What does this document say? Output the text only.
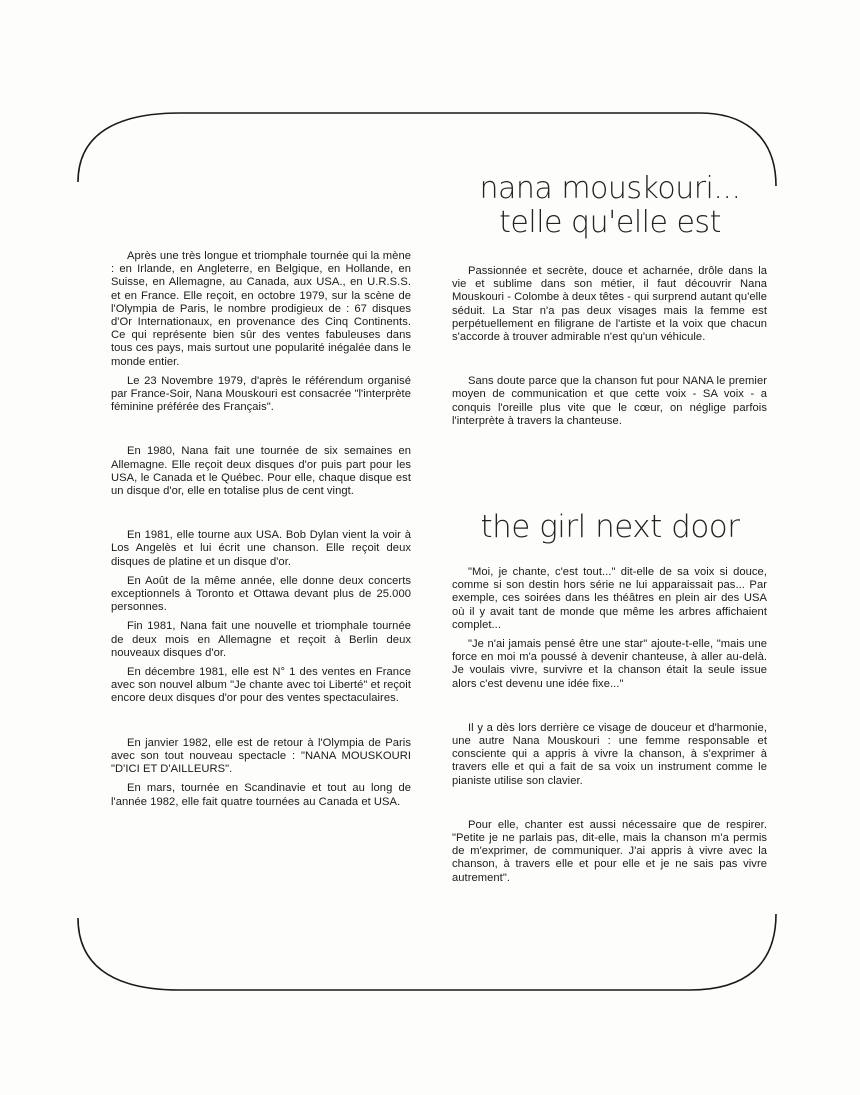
nana mouskouri...
telle qu'elle est

Après une très longue et triomphale tournée qui la mène : en Irlande, en Angleterre, en Belgique, en Hollande, en Suisse, en Allemagne, au Canada, aux USA., en U.R.S.S. et en France. Elle reçoit, en octobre 1979, sur la scène de l'Olympia de Paris, le nombre prodigieux de : 67 disques d'Or Internationaux, en provenance des Cinq Continents. Ce qui représente bien sûr des ventes fabuleuses dans tous ces pays, mais surtout une popularité inégalée dans le monde entier.

Le 23 Novembre 1979, d'après le référendum organisé par France-Soir, Nana Mouskouri est consacrée "l'interprète féminine préférée des Français".

En 1980, Nana fait une tournée de six semaines en Allemagne. Elle reçoit deux disques d'or puis part pour les USA, le Canada et le Québec. Pour elle, chaque disque est un disque d'or, elle en totalise plus de cent vingt.

En 1981, elle tourne aux USA. Bob Dylan vient la voir à Los Angelès et lui écrit une chanson. Elle reçoit deux disques de platine et un disque d'or.

En Août de la même année, elle donne deux concerts exceptionnels à Toronto et Ottawa devant plus de 25.000 personnes.

Fin 1981, Nana fait une nouvelle et triomphale tournée de deux mois en Allemagne et reçoit à Berlin deux nouveaux disques d'or.

En décembre 1981, elle est N° 1 des ventes en France avec son nouvel album "Je chante avec toi Liberté" et reçoit encore deux disques d'or pour des ventes spectaculaires.

En janvier 1982, elle est de retour à l'Olympia de Paris avec son tout nouveau spectacle : "NANA MOUSKOURI "D'ICI ET D'AILLEURS".

En mars, tournée en Scandinavie et tout au long de l'année 1982, elle fait quatre tournées au Canada et USA.

Passionnée et secrète, douce et acharnée, drôle dans la vie et sublime dans son métier, il faut découvrir Nana Mouskouri - Colombe à deux têtes - qui surprend autant qu'elle séduit. La Star n'a pas deux visages mais la femme est perpétuellement en filigrane de l'artiste et la voix que chacun s'accorde à trouver admirable n'est qu'un véhicule.

Sans doute parce que la chanson fut pour NANA le premier moyen de communication et que cette voix - SA voix - a conquis l'oreille plus vite que le cœur, on néglige parfois l'interprète à travers la chanteuse.

the girl next door

"Moi, je chante, c'est tout..." dit-elle de sa voix si douce, comme si son destin hors série ne lui apparaissait pas... Par exemple, ces soirées dans les théâtres en plein air des USA où il y avait tant de monde que même les arbres affichaient complet...

"Je n'ai jamais pensé être une star" ajoute-t-elle, "mais une force en moi m'a poussé à devenir chanteuse, à aller au-delà. Je voulais vivre, survivre et la chanson était la seule issue alors c'est devenu une idée fixe..."

Il y a dès lors derrière ce visage de douceur et d'harmonie, une autre Nana Mouskouri : une femme responsable et consciente qui a appris à vivre la chanson, à s'exprimer à travers elle et qui a fait de sa voix un instrument comme le pianiste utilise son clavier.

Pour elle, chanter est aussi nécessaire que de respirer. "Petite je ne parlais pas, dit-elle, mais la chanson m'a permis de m'exprimer, de communiquer. J'ai appris à vivre avec la chanson, à travers elle et pour elle et je ne sais pas vivre autrement".
